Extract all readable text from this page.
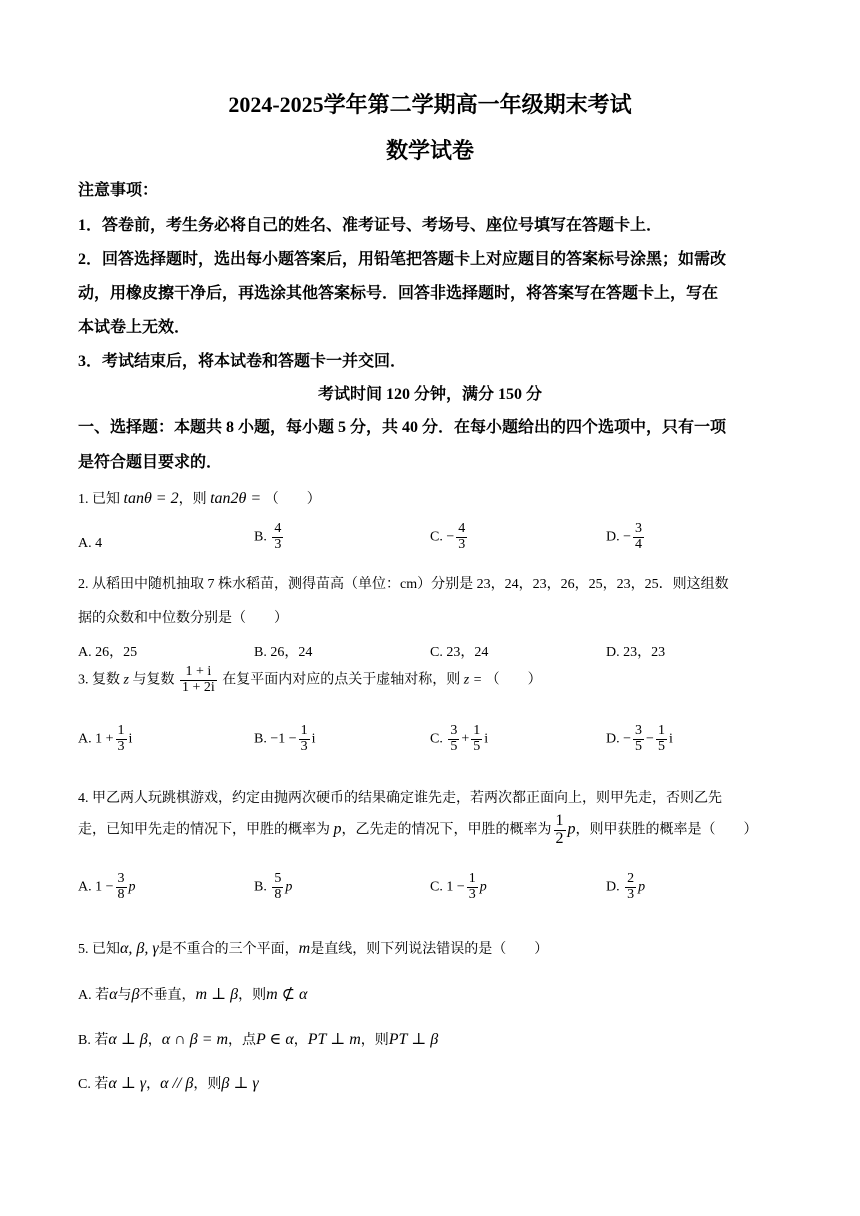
2024-2025学年第二学期高一年级期末考试
数学试卷
注意事项：
1．答卷前，考生务必将自己的姓名、准考证号、考场号、座位号填写在答题卡上．
2．回答选择题时，选出每小题答案后，用铅笔把答题卡上对应题目的答案标号涂黑；如需改
动，用橡皮擦干净后，再选涂其他答案标号．回答非选择题时，将答案写在答题卡上，写在
本试卷上无效．
3．考试结束后，将本试卷和答题卡一并交回．
考试时间 120 分钟，满分 150 分
一、选择题：本题共 8 小题，每小题 5 分，共 40 分．在每小题给出的四个选项中，只有一项
是符合题目要求的．
1. 已知 tanθ = 2，则 tan2θ = （　　）
A. 4	B. $\frac{4}{3}$	C. − $\frac{4}{3}$	D. − $\frac{3}{4}$
2. 从稻田中随机抽取 7 株水稻苗，测得苗高（单位：cm）分别是 23，24，23，26，25，23，25．则这组数
据的众数和中位数分别是（　　）
A. 26，25	B. 26，24	C. 23，24	D. 23，23
3. 复数 z 与复数 $\frac{1 + i}{1 + 2i}$ 在复平面内对应的点关于虚轴对称，则 z = （　　）
A. $1 + \frac{1}{3}$ i	B. $-1 - \frac{1}{3}$ i	C. $\frac{3}{5} + \frac{1}{5}$ i	D. − $\frac{3}{5} - \frac{1}{5}$ i
4. 甲乙两人玩跳棋游戏，约定由抛两次硬币的结果确定谁先走，若两次都正面向上，则甲先走，否则乙先
走，已知甲先走的情况下，甲胜的概率为 p，乙先走的情况下，甲胜的概率为 $\frac{1}{2}$ p，则甲获胜的概率是（　　）
A. $1 - \frac{3}{8}$ p	B. $\frac{5}{8}$ p	C. $1 - \frac{1}{3}$ p	D. $\frac{2}{3}$ p
5. 已知α, β, γ是不重合的三个平面，m是直线，则下列说法错误的是（　　）
A. 若α与β不垂直，m ⊥ β，则m ⊄ α
B. 若α ⊥ β，α ∩ β = m，点P ∈ α，PT ⊥ m，则PT ⊥ β
C. 若α ⊥ γ，α // β，则β ⊥ γ
